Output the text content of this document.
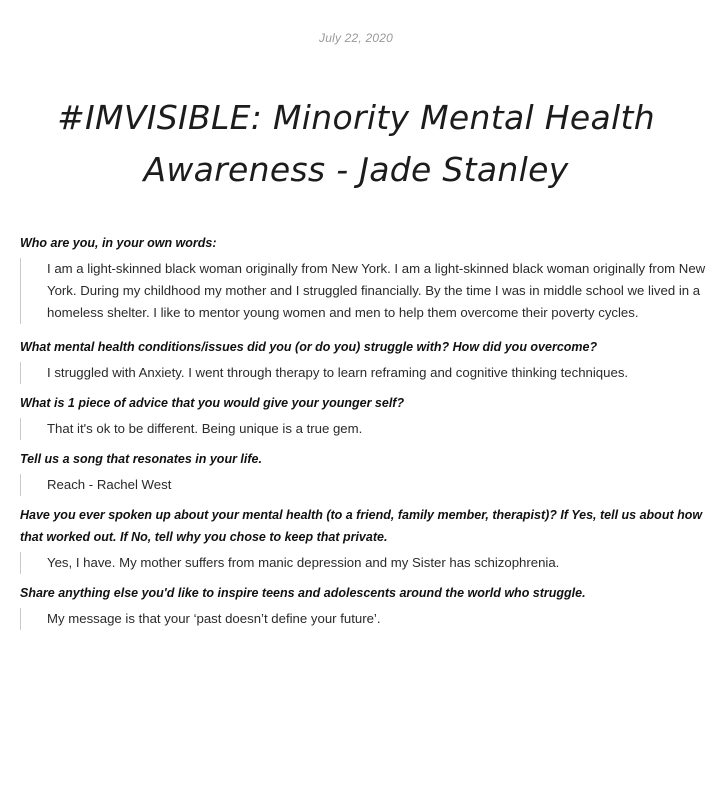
July 22, 2020
#IMVISIBLE: Minority Mental Health Awareness - Jade Stanley

Who are you, in your own words:

I am a light-skinned black woman originally from New York. I am a light-skinned black woman originally from New York. During my childhood my mother and I struggled financially. By the time I was in middle school we lived in a homeless shelter. I like to mentor young women and men to help them overcome their poverty cycles.

What mental health conditions/issues did you (or do you) struggle with? How did you overcome?

I struggled with Anxiety. I went through therapy to learn reframing and cognitive thinking techniques.

What is 1 piece of advice that you would give your younger self?

That it's ok to be different. Being unique is a true gem.

Tell us a song that resonates in your life.

Reach - Rachel West

Have you ever spoken up about your mental health (to a friend, family member, therapist)? If Yes, tell us about how that worked out. If No, tell why you chose to keep that private.

Yes, I have. My mother suffers from manic depression and my Sister has schizophrenia.

Share anything else you'd like to inspire teens and adolescents around the world who struggle.

My message is that your ‘past doesn’t define your future’.
